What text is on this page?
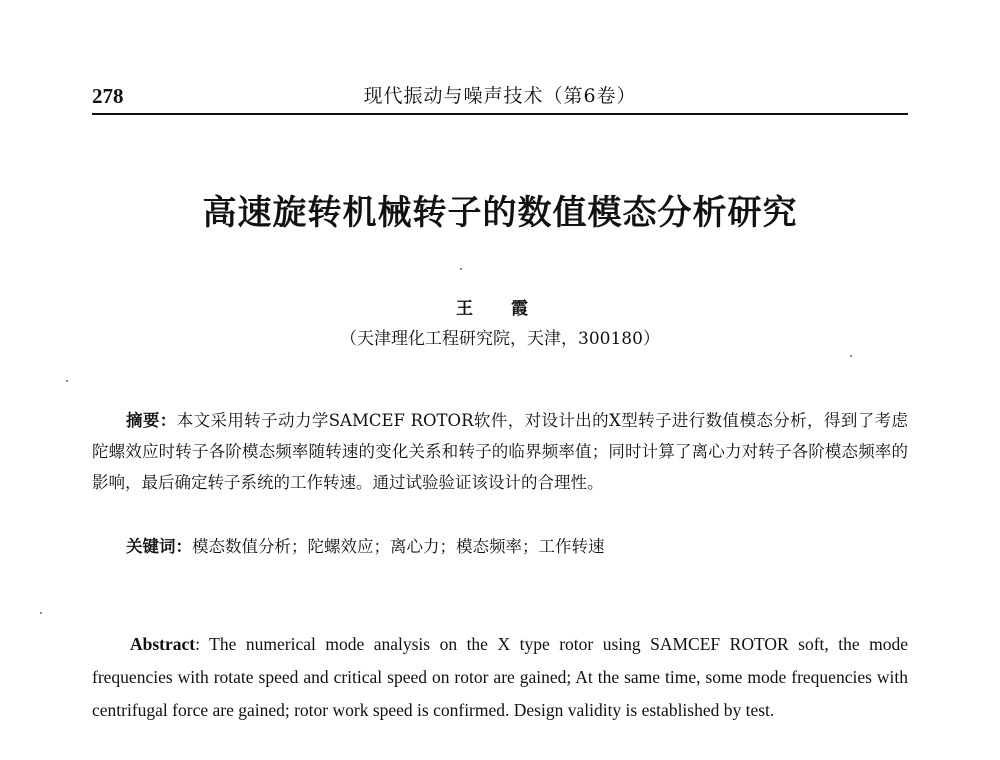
278	现代振动与噪声技术（第6卷）
高速旋转机械转子的数值模态分析研究
王 霞
（天津理化工程研究院，天津，300180）

摘要：本文采用转子动力学SAMCEF ROTOR软件，对设计出的X型转子进行数值模态分析，得到了考虑陀螺效应时转子各阶模态频率随转速的变化关系和转子的临界频率值；同时计算了离心力对转子各阶模态频率的影响，最后确定转子系统的工作转速。通过试验验证该设计的合理性。

关键词：模态数值分析；陀螺效应；离心力；模态频率；工作转速

Abstract: The numerical mode analysis on the X type rotor using SAMCEF ROTOR soft, the mode frequencies with rotate speed and critical speed on rotor are gained; At the same time, some mode frequencies with centrifugal force are gained; rotor work speed is confirmed. Design validity is established by test.
